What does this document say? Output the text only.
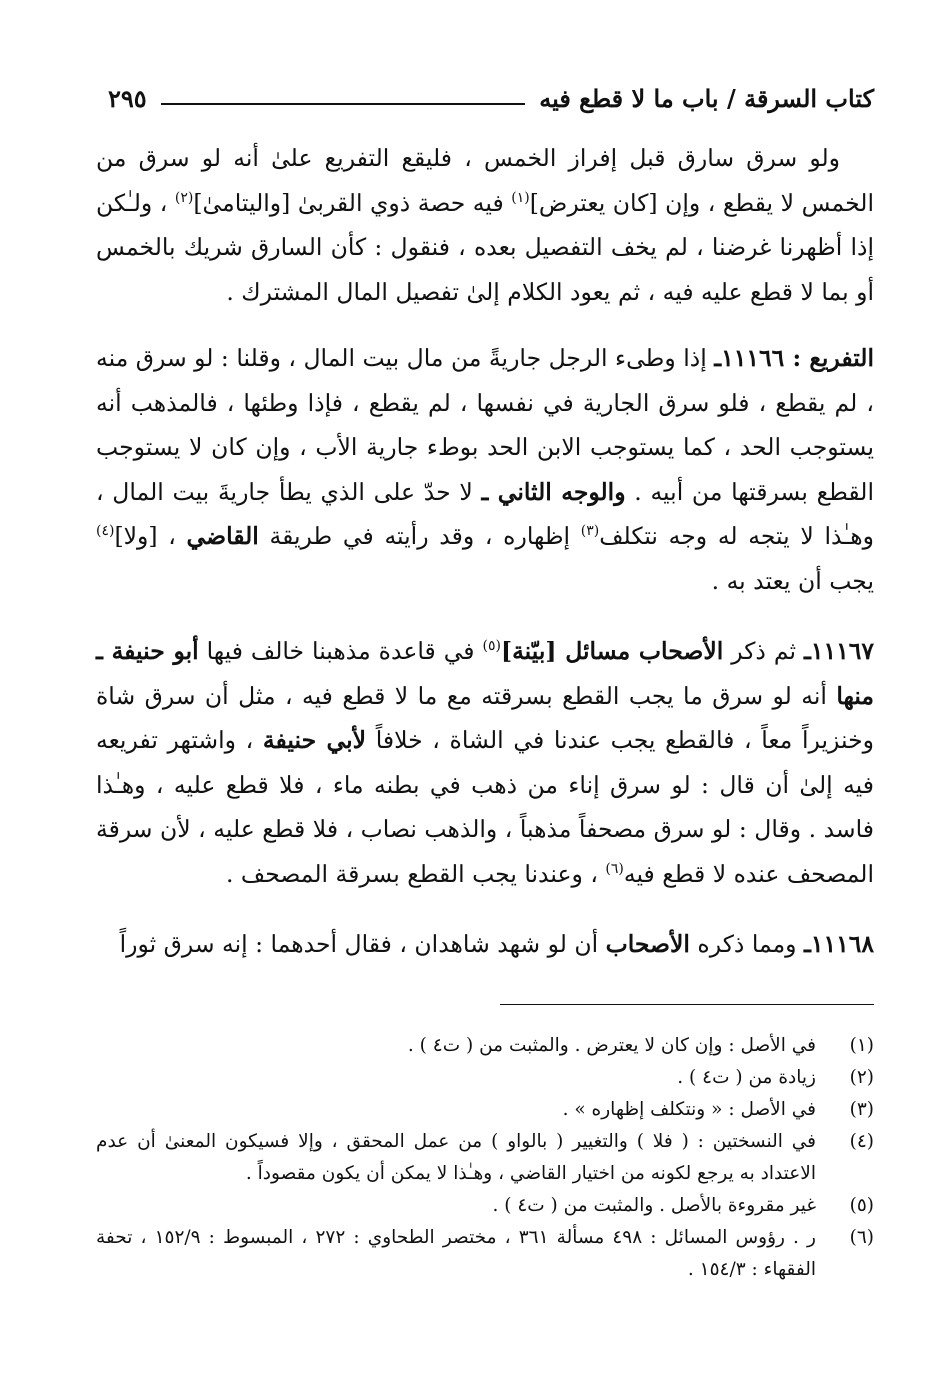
كتاب السرقة / باب ما لا قطع فيه
٢٩٥

ولو سرق سارق قبل إفراز الخمس ، فليقع التفريع علىٰ أنه لو سرق من الخمس لا يقطع ، وإن [كان يعترض]$^{(١)}$ فيه حصة ذوي القربىٰ [واليتامىٰ]$^{(٢)}$ ، ولـٰكن إذا أظهرنا غرضنا ، لم يخف التفصيل بعده ، فنقول : كأن السارق شريك بالخمس أو بما لا قطع عليه فيه ، ثم يعود الكلام إلىٰ تفصيل المال المشترك .

التفريع : ١١١٦٦ـ إذا وطىء الرجل جاريةً من مال بيت المال ، وقلنا : لو سرق منه ، لم يقطع ، فلو سرق الجارية في نفسها ، لم يقطع ، فإذا وطئها ، فالمذهب أنه يستوجب الحد ، كما يستوجب الابن الحد بوطء جارية الأب ، وإن كان لا يستوجب القطع بسرقتها من أبيه . والوجه الثاني ـ لا حدّ على الذي يطأ جاريةَ بيت المال ، وهـٰذا لا يتجه له وجه نتكلف$^{(٣)}$ إظهاره ، وقد رأيته في طريقة القاضي ، [ولا]$^{(٤)}$ يجب أن يعتد به .

١١١٦٧ـ ثم ذكر الأصحاب مسائل [بيّنة]$^{(٥)}$ في قاعدة مذهبنا خالف فيها أبو حنيفة ـ منها أنه لو سرق ما يجب القطع بسرقته مع ما لا قطع فيه ، مثل أن سرق شاة وخنزيراً معاً ، فالقطع يجب عندنا في الشاة ، خلافاً لأبي حنيفة ، واشتهر تفريعه فيه إلىٰ أن قال : لو سرق إناء من ذهب في بطنه ماء ، فلا قطع عليه ، وهـٰذا فاسد . وقال : لو سرق مصحفاً مذهباً ، والذهب نصاب ، فلا قطع عليه ، لأن سرقة المصحف عنده لا قطع فيه$^{(٦)}$ ، وعندنا يجب القطع بسرقة المصحف .

١١١٦٨ـ ومما ذكره الأصحاب أن لو شهد شاهدان ، فقال أحدهما : إنه سرق ثوراً

(١)
في الأصل : وإن كان لا يعترض . والمثبت من ( ت٤ ) .
(٢)
زيادة من ( ت٤ ) .
(٣)
في الأصل : « ونتكلف إظهاره » .
(٤)
في النسختين : ( فلا ) والتغيير ( بالواو ) من عمل المحقق ، وإلا فسيكون المعنىٰ أن عدم الاعتداد به يرجع لكونه من اختيار القاضي ، وهـٰذا لا يمكن أن يكون مقصوداً .
(٥)
غير مقروءة بالأصل . والمثبت من ( ت٤ ) .
(٦)
ر . رؤوس المسائل : ٤٩٨ مسألة ٣٦١ ، مختصر الطحاوي : ٢٧٢ ، المبسوط : ١٥٢/٩ ، تحفة الفقهاء : ١٥٤/٣ .
